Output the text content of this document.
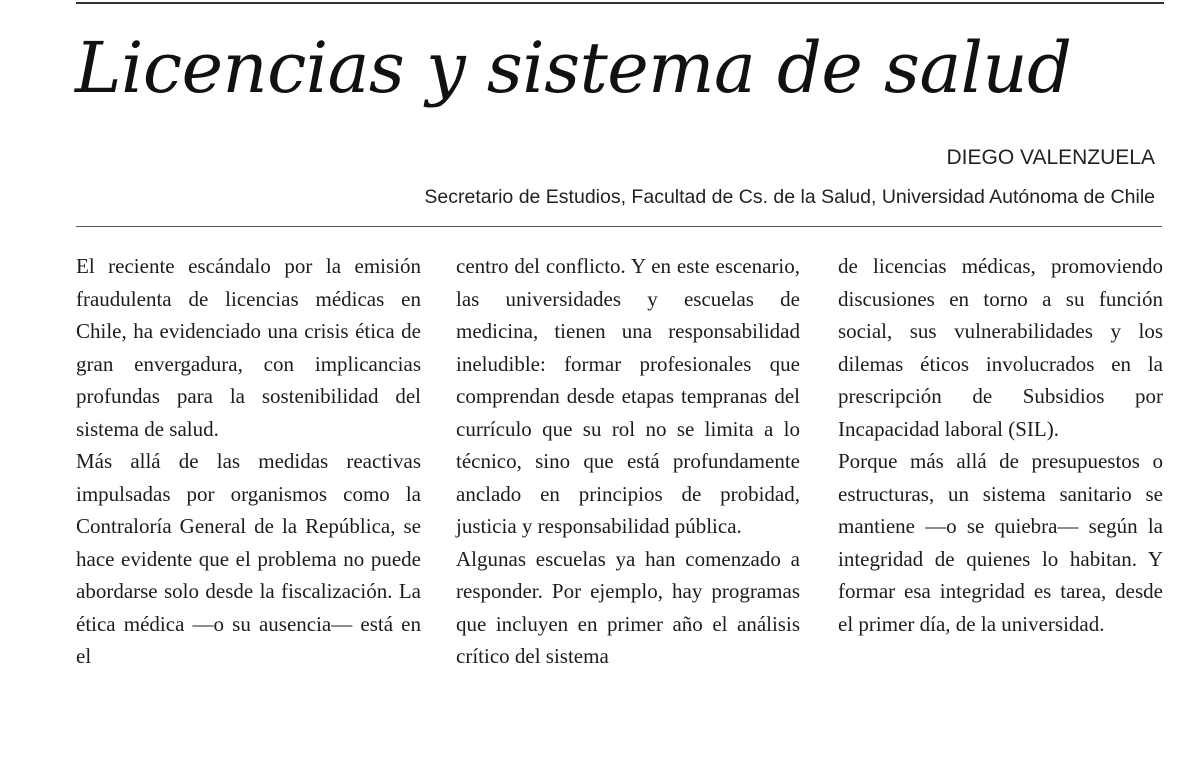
Licencias y sistema de salud
DIEGO VALENZUELA
Secretario de Estudios, Facultad de Cs. de la Salud, Universidad Autónoma de Chile

El reciente escándalo por la emisión fraudulenta de licencias médicas en Chile, ha evidenciado una crisis ética de gran envergadura, con implicancias profundas para la sostenibilidad del sistema de salud.

Más allá de las medidas reactivas impulsadas por organismos como la Contraloría General de la República, se hace evidente que el problema no puede abordarse solo desde la fiscalización. La ética médica —o su ausencia— está en el

centro del conflicto. Y en este escenario, las universidades y escuelas de medicina, tienen una responsabilidad ineludible: formar profesionales que comprendan desde etapas tempranas del currículo que su rol no se limita a lo técnico, sino que está profundamente anclado en principios de probidad, justicia y responsabilidad pública.

Algunas escuelas ya han comenzado a responder. Por ejemplo, hay programas que incluyen en primer año el análisis crítico del sistema

de licencias médicas, promoviendo discusiones en torno a su función social, sus vulnerabilidades y los dilemas éticos involucrados en la prescripción de Subsidios por Incapacidad laboral (SIL).

Porque más allá de presupuestos o estructuras, un sistema sanitario se mantiene —o se quiebra— según la integridad de quienes lo habitan. Y formar esa integridad es tarea, desde el primer día, de la universidad.
